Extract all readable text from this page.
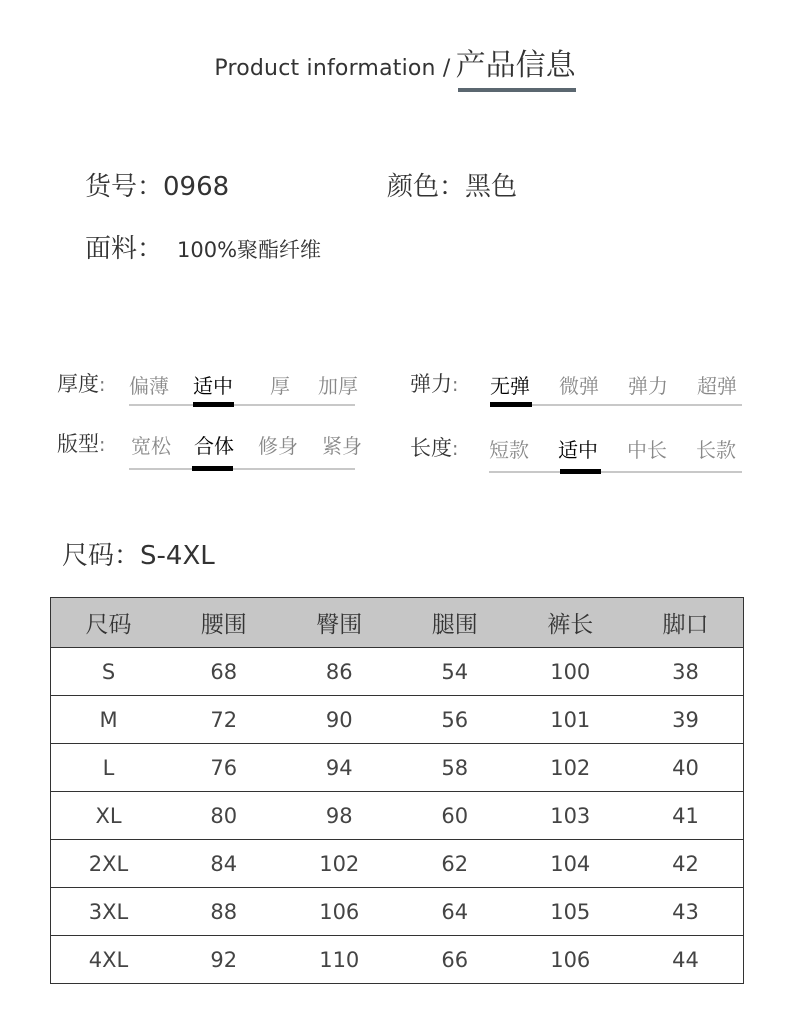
Product information / 产品信息
货号：0968	颜色：黑色
面料： 100%聚酯纤维
厚度:	偏薄 适中 厚 加厚 弹力:	无弹 微弹 弹力 超弹
版型:	宽松 合体 修身 紧身 长度:	短款 适中 中长 长款
尺码：S-4XL
尺码	腰围	臀围	腿围	裤长	脚口
S	68	86	54	100	38
M	72	90	56	101	39
L	76	94	58	102	40
XL	80	98	60	103	41
2XL	84	102	62	104	42
3XL	88	106	64	105	43
4XL	92	110	66	106	44
